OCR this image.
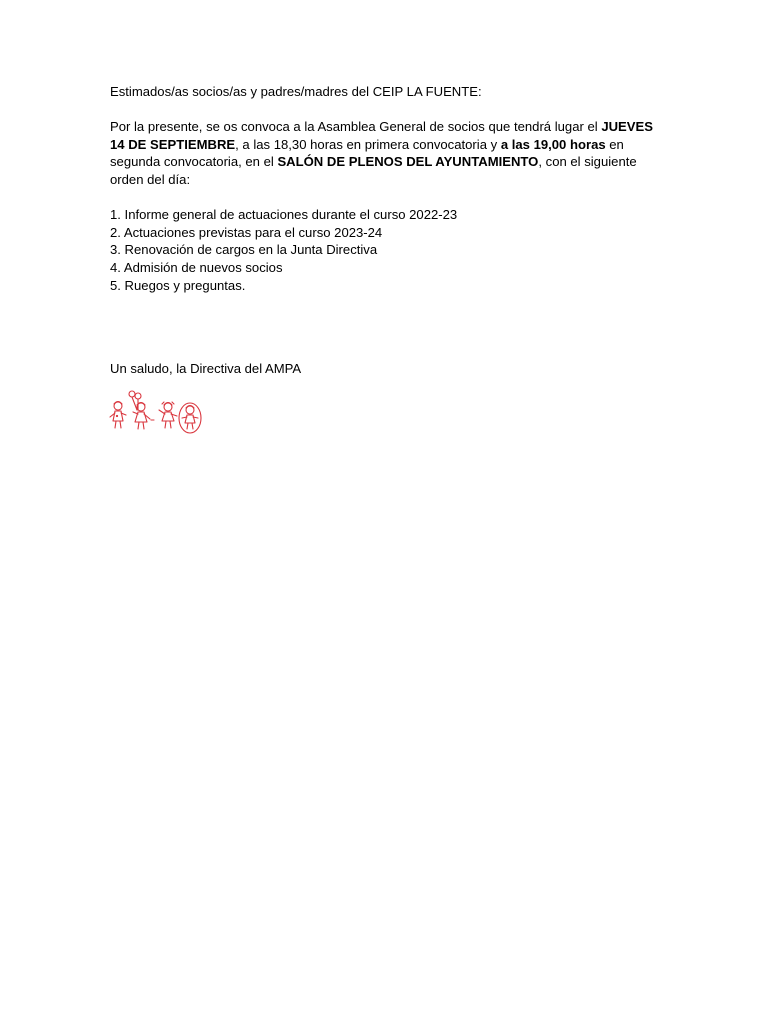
Estimados/as socios/as y padres/madres del CEIP LA FUENTE:

Por la presente, se os convoca a la Asamblea General de socios que tendrá lugar el JUEVES 14 DE SEPTIEMBRE, a las 18,30 horas en primera convocatoria y a las 19,00 horas en segunda convocatoria, en el SALÓN DE PLENOS DEL AYUNTAMIENTO, con el siguiente orden del día:

1. Informe general de actuaciones durante el curso 2022-23
2. Actuaciones previstas para el curso 2023-24
3. Renovación de cargos en la Junta Directiva
4. Admisión de nuevos socios
5. Ruegos y preguntas.

Un saludo, la Directiva del AMPA
